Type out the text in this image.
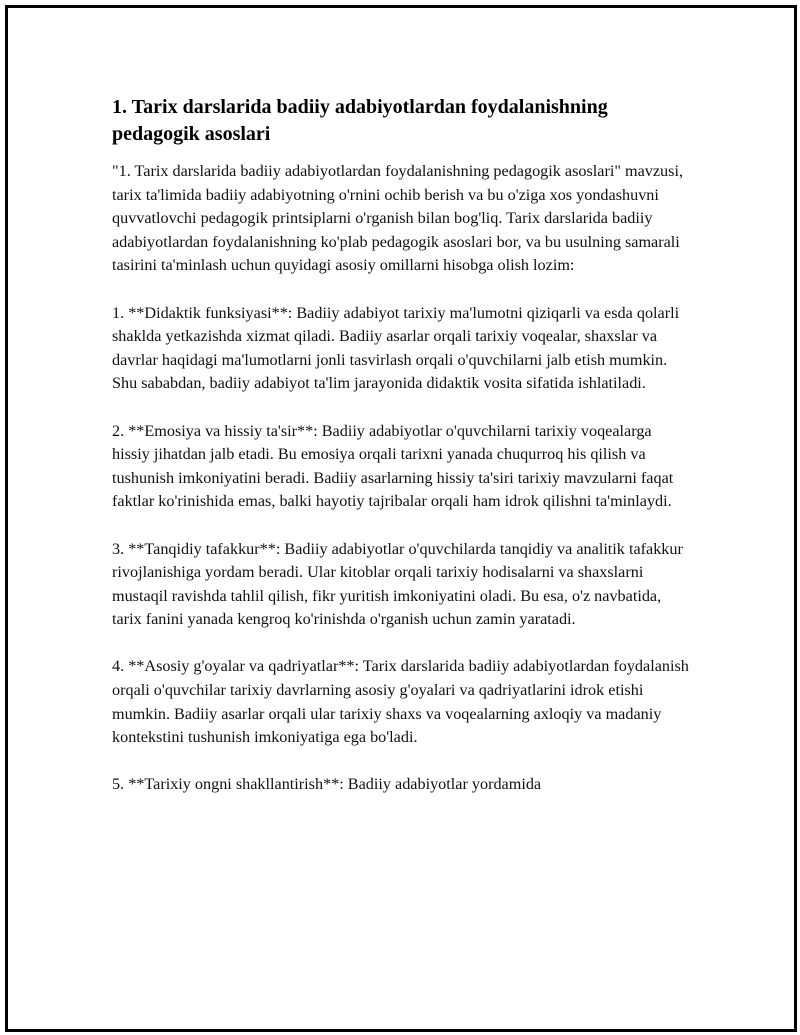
1. Tarix darslarida badiiy adabiyotlardan foydalanishning pedagogik asoslari

"1. Tarix darslarida badiiy adabiyotlardan foydalanishning pedagogik asoslari" mavzusi, tarix ta'limida badiiy adabiyotning o'rnini ochib berish va bu o'ziga xos yondashuvni quvvatlovchi pedagogik printsiplarni o'rganish bilan bog'liq. Tarix darslarida badiiy adabiyotlardan foydalanishning ko'plab pedagogik asoslari bor, va bu usulning samarali tasirini ta'minlash uchun quyidagi asosiy omillarni hisobga olish lozim:

1. **Didaktik funksiyasi**: Badiiy adabiyot tarixiy ma'lumotni qiziqarli va esda qolarli shaklda yetkazishda xizmat qiladi. Badiiy asarlar orqali tarixiy voqealar, shaxslar va davrlar haqidagi ma'lumotlarni jonli tasvirlash orqali o'quvchilarni jalb etish mumkin. Shu sababdan, badiiy adabiyot ta'lim jarayonida didaktik vosita sifatida ishlatiladi.

2. **Emosiya va hissiy ta'sir**: Badiiy adabiyotlar o'quvchilarni tarixiy voqealarga hissiy jihatdan jalb etadi. Bu emosiya orqali tarixni yanada chuqurroq his qilish va tushunish imkoniyatini beradi. Badiiy asarlarning hissiy ta'siri tarixiy mavzularni faqat faktlar ko'rinishida emas, balki hayotiy tajribalar orqali ham idrok qilishni ta'minlaydi.

3. **Tanqidiy tafakkur**: Badiiy adabiyotlar o'quvchilarda tanqidiy va analitik tafakkur rivojlanishiga yordam beradi. Ular kitoblar orqali tarixiy hodisalarni va shaxslarni mustaqil ravishda tahlil qilish, fikr yuritish imkoniyatini oladi. Bu esa, o'z navbatida, tarix fanini yanada kengroq ko'rinishda o'rganish uchun zamin yaratadi.

4. **Asosiy g'oyalar va qadriyatlar**: Tarix darslarida badiiy adabiyotlardan foydalanish orqali o'quvchilar tarixiy davrlarning asosiy g'oyalari va qadriyatlarini idrok etishi mumkin. Badiiy asarlar orqali ular tarixiy shaxs va voqealarning axloqiy va madaniy kontekstini tushunish imkoniyatiga ega bo'ladi.

5. **Tarixiy ongni shakllantirish**: Badiiy adabiyotlar yordamida
